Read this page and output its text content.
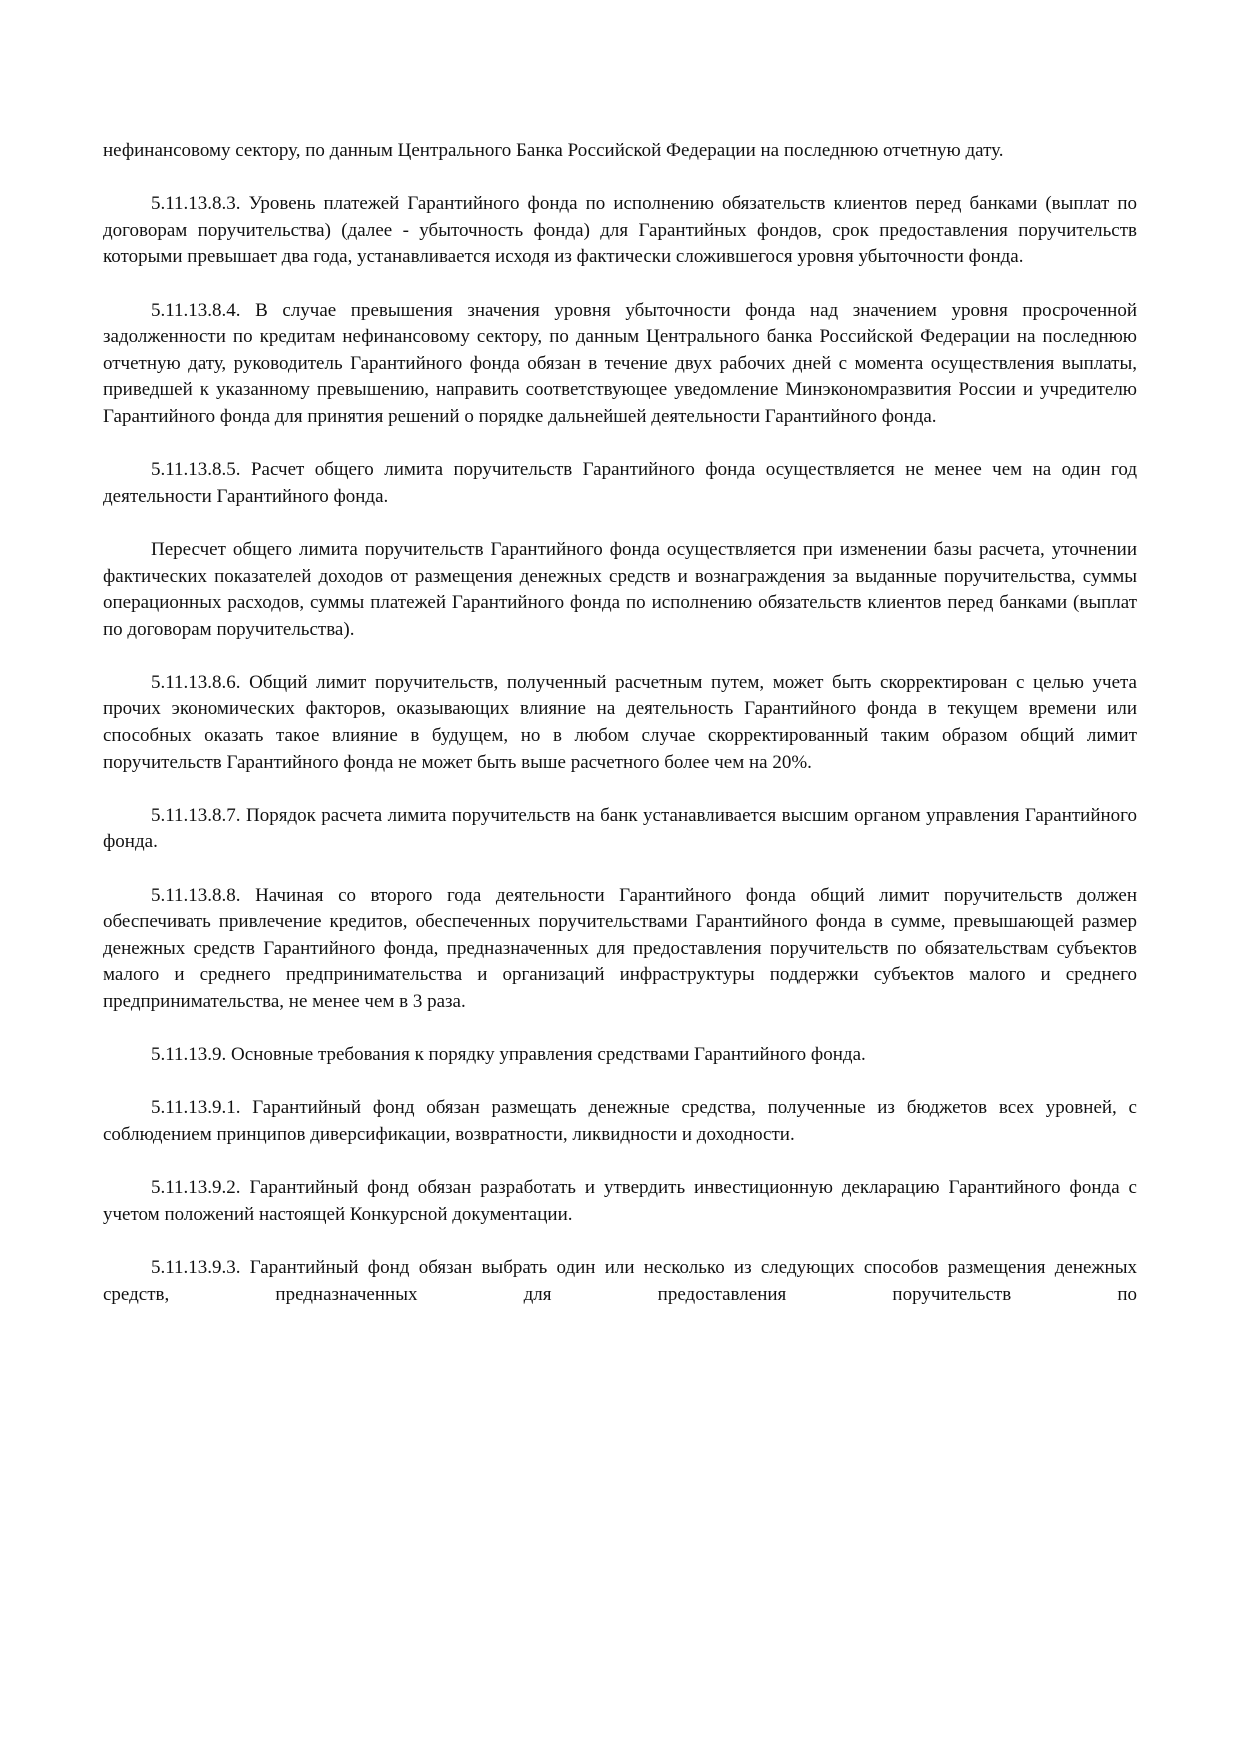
нефинансовому сектору, по данным Центрального Банка Российской Федерации на последнюю отчетную дату.

5.11.13.8.3. Уровень платежей Гарантийного фонда по исполнению обязательств клиентов перед банками (выплат по договорам поручительства) (далее - убыточность фонда) для Гарантийных фондов, срок предоставления поручительств которыми превышает два года, устанавливается исходя из фактически сложившегося уровня убыточности фонда.

5.11.13.8.4. В случае превышения значения уровня убыточности фонда над значением уровня просроченной задолженности по кредитам нефинансовому сектору, по данным Центрального банка Российской Федерации на последнюю отчетную дату, руководитель Гарантийного фонда обязан в течение двух рабочих дней с момента осуществления выплаты, приведшей к указанному превышению, направить соответствующее уведомление Минэкономразвития России и учредителю Гарантийного фонда для принятия решений о порядке дальнейшей деятельности Гарантийного фонда.

5.11.13.8.5. Расчет общего лимита поручительств Гарантийного фонда осуществляется не менее чем на один год деятельности Гарантийного фонда.

Пересчет общего лимита поручительств Гарантийного фонда осуществляется при изменении базы расчета, уточнении фактических показателей доходов от размещения денежных средств и вознаграждения за выданные поручительства, суммы операционных расходов, суммы платежей Гарантийного фонда по исполнению обязательств клиентов перед банками (выплат по договорам поручительства).

5.11.13.8.6. Общий лимит поручительств, полученный расчетным путем, может быть скорректирован с целью учета прочих экономических факторов, оказывающих влияние на деятельность Гарантийного фонда в текущем времени или способных оказать такое влияние в будущем, но в любом случае скорректированный таким образом общий лимит поручительств Гарантийного фонда не может быть выше расчетного более чем на 20%.

5.11.13.8.7. Порядок расчета лимита поручительств на банк устанавливается высшим органом управления Гарантийного фонда.

5.11.13.8.8. Начиная со второго года деятельности Гарантийного фонда общий лимит поручительств должен обеспечивать привлечение кредитов, обеспеченных поручительствами Гарантийного фонда в сумме, превышающей размер денежных средств Гарантийного фонда, предназначенных для предоставления поручительств по обязательствам субъектов малого и среднего предпринимательства и организаций инфраструктуры поддержки субъектов малого и среднего предпринимательства, не менее чем в 3 раза.

5.11.13.9. Основные требования к порядку управления средствами Гарантийного фонда.

5.11.13.9.1. Гарантийный фонд обязан размещать денежные средства, полученные из бюджетов всех уровней, с соблюдением принципов диверсификации, возвратности, ликвидности и доходности.

5.11.13.9.2. Гарантийный фонд обязан разработать и утвердить инвестиционную декларацию Гарантийного фонда с учетом положений настоящей Конкурсной документации.

5.11.13.9.3. Гарантийный фонд обязан выбрать один или несколько из следующих способов размещения денежных средств, предназначенных для предоставления поручительств по
